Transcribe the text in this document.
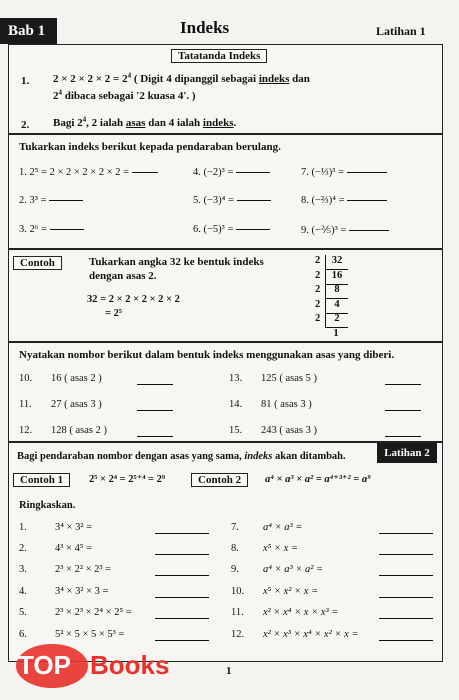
Bab 1	Indeks	Latihan 1
Tatatanda Indeks
1. $2 \times 2 \times 2 \times 2 = 2^4$ ( Digit 4 dipanggil sebagai indeks dan
$2^4$ dibaca sebagai '2 kuasa 4'. )
2. Bagi $2^4$, 2 ialah asas dan 4 ialah indeks.
Tukarkan indeks berikut kepada pendaraban berulang.
1. 2⁵ = 2 × 2 × 2 × 2 × 2 =
2. 3³ =
3. 2⁶ =
4. (−2)³ =
5. (−3)⁴ =
6. (−5)³ =
7. (−⅓)³ =
8. (−⅔)⁴ =
9. (−⅖)³ =
Contoh	Tukarkan angka 32 ke bentuk indeks
dengan asas 2.
32 = 2 × 2 × 2 × 2 × 2
= 2⁵
2	32
2	16
2	8
2	4
2	2
1
Nyatakan nombor berikut dalam bentuk indeks menggunakan asas yang diberi.
10. 16 ( asas 2 )
11. 27 ( asas 3 )
12. 128 ( asas 2 )
13. 125 ( asas 5 )
14. 81 ( asas 3 )
15. 243 ( asas 3 )
Bagi pendaraban nombor dengan asas yang sama, indeks akan ditambah.
Contoh 1	2⁵ × 2⁴ = 2⁵⁺⁴ = 2⁹	Contoh 2	a⁴ × a³ × a² = a⁴⁺³⁺² = a⁹
Ringkaskan.
1.	3⁴ × 3² =
2.	4³ × 4⁵ =
3.	2³ × 2² × 2³ =
4.	3⁴ × 3² × 3 =
5.	2³ × 2³ × 2⁴ × 2⁵ =
6.	5² × 5 × 5 × 5³ =
7. a⁴ × a³ =
8. x⁵ × x =
9. a⁴ × a³ × a² =
10. x⁵ × x² × x =
11. x² × x⁴ × x × x³ =
12. x² × x³ × x⁴ × x² × x =
Latihan 2
TOP Books	1
